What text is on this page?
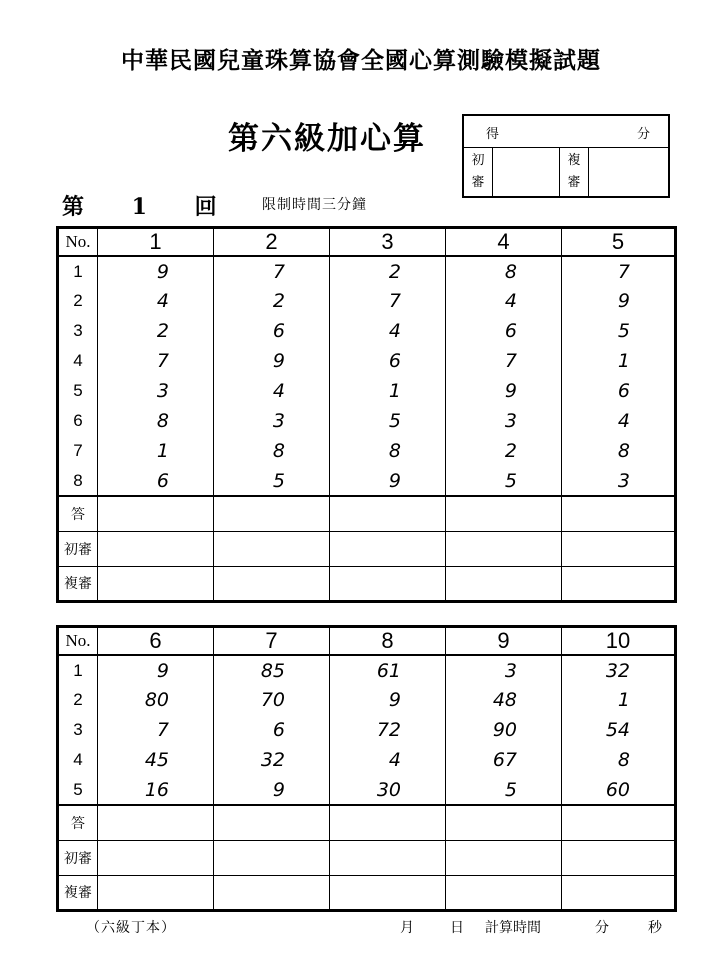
中華民國兒童珠算協會全國心算測驗模擬試題
第六級加心算	得	分
初審
複審
第 1 回 限制時間三分鐘
No.	1	2	3	4	5
1	9	7	2	8	7
2	4	2	7	4	9
3	2	6	4	6	5
4	7	9	6	7	1
5	3	4	1	9	6
6	8	3	5	3	4
7	1	8	8	2	8
8	6	5	9	5	3
答					
初審					
複審					
No.	6	7	8	9	10
1	9	85	61	3	32
2	80	70	9	48	1
3	7	6	72	90	54
4	45	32	4	67	8
5	16	9	30	5	60
答					
初審					
複審					
（六級丁本）	月	日 計算時間	分	秒
